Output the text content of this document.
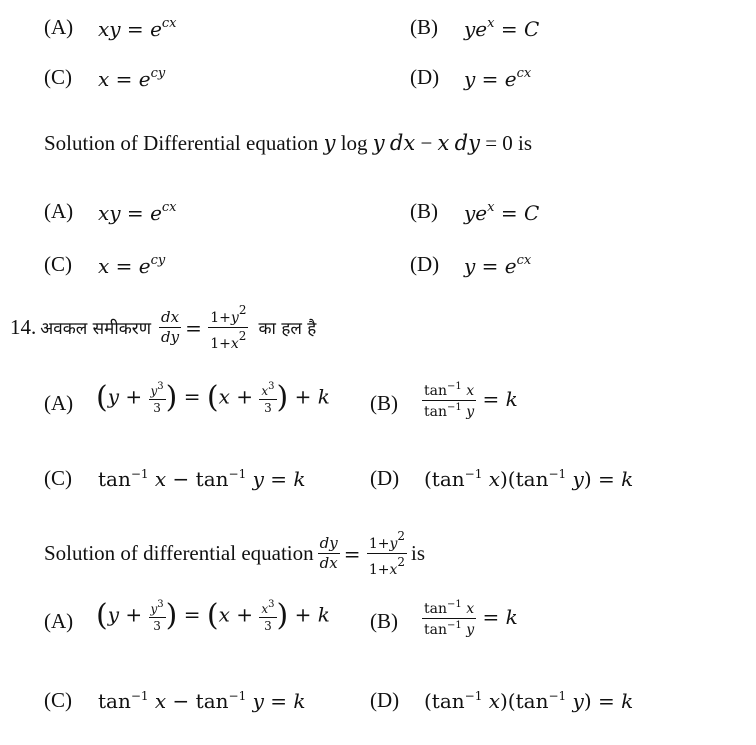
(A) xy = $e^{cx}$	(B) $ye^x = C$
(C) $x = e^{cy}$	(D) $y = e^{cx}$
Solution of Differential equation y log y dx − x dy = 0 is
(A) xy = $e^{cx}$	(B) $ye^x = C$
(C) $x = e^{cy}$	(D) $y = e^{cx}$
14. अवकल समीकरण $\frac{dx}{dy} = \frac{1+y2}{1+x2}$ का हल है
(A) ($y + \frac{y^3}{3}$ ) = ($x + \frac{x^3}{3}$ ) + k $(B) \frac{\tan^{-1} x}{\tan^{-1} y} = k$
(C) $\tan^{-1} x - \tan^{-1} y = k$	(D) ($\tan^{-1}$ $x)(\tan^{-1}$ y) = k
Solution of differential equation $\frac{dy}{dx} = \frac{1+y2}{1+x2}$ is
(A) ($y + \frac{y^3}{3}$ ) = ($x + \frac{x^3}{3}$ ) + k $(B) \frac{\tan^{-1} x}{\tan^{-1} y} = k$
(C) $\tan^{-1} x - \tan^{-1} y = k$	(D) ($\tan^{-1}$ $x)(\tan^{-1}$ y) = k
